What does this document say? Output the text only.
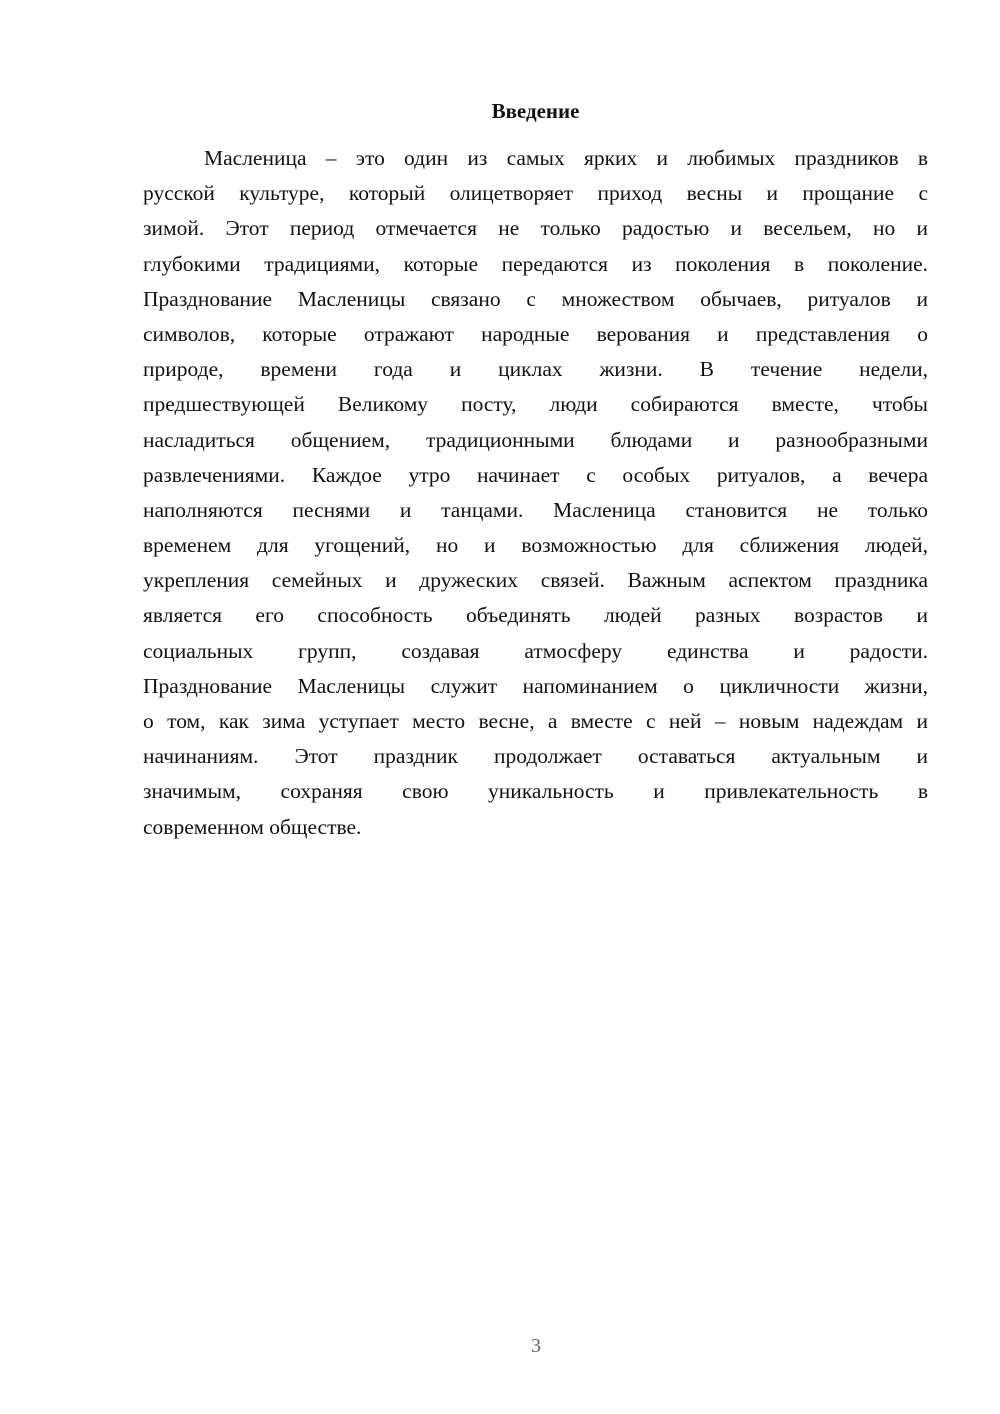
Введение
Масленица – это один из самых ярких и любимых праздников в
русской культуре, который олицетворяет приход весны и прощание с
зимой. Этот период отмечается не только радостью и весельем, но и
глубокими традициями, которые передаются из поколения в поколение.
Празднование Масленицы связано с множеством обычаев, ритуалов и
символов, которые отражают народные верования и представления о
природе, времени года и циклах жизни. В течение недели,
предшествующей Великому посту, люди собираются вместе, чтобы
насладиться общением, традиционными блюдами и разнообразными
развлечениями. Каждое утро начинает с особых ритуалов, а вечера
наполняются песнями и танцами. Масленица становится не только
временем для угощений, но и возможностью для сближения людей,
укрепления семейных и дружеских связей. Важным аспектом праздника
является его способность объединять людей разных возрастов и
социальных групп, создавая атмосферу единства и радости.
Празднование Масленицы служит напоминанием о цикличности жизни,
о том, как зима уступает место весне, а вместе с ней – новым надеждам и
начинаниям. Этот праздник продолжает оставаться актуальным и
значимым, сохраняя свою уникальность и привлекательность в
современном обществе.
3
